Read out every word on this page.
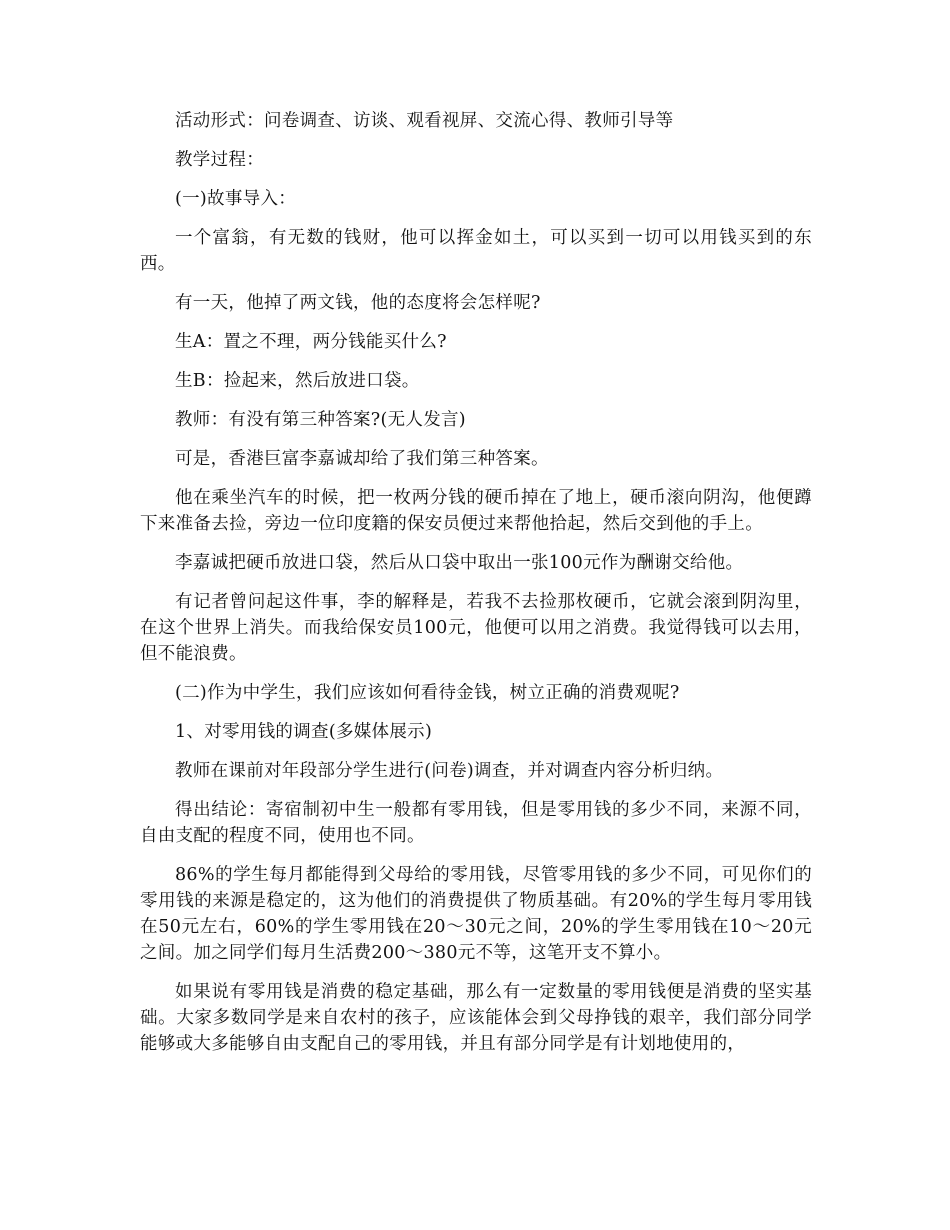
活动形式：问卷调查、访谈、观看视屏、交流心得、教师引导等

教学过程：

(一)故事导入：

一个富翁，有无数的钱财，他可以挥金如土，可以买到一切可以用钱买到的东西。

有一天，他掉了两文钱，他的态度将会怎样呢?

生A：置之不理，两分钱能买什么?

生B：捡起来，然后放进口袋。

教师：有没有第三种答案?(无人发言)

可是，香港巨富李嘉诚却给了我们第三种答案。

他在乘坐汽车的时候，把一枚两分钱的硬币掉在了地上，硬币滚向阴沟，他便蹲下来准备去捡，旁边一位印度籍的保安员便过来帮他拾起，然后交到他的手上。

李嘉诚把硬币放进口袋，然后从口袋中取出一张100元作为酬谢交给他。

有记者曾问起这件事，李的解释是，若我不去捡那枚硬币，它就会滚到阴沟里，在这个世界上消失。而我给保安员100元，他便可以用之消费。我觉得钱可以去用，但不能浪费。

(二)作为中学生，我们应该如何看待金钱，树立正确的消费观呢?

1、对零用钱的调查(多媒体展示)

教师在课前对年段部分学生进行(问卷)调查，并对调查内容分析归纳。

得出结论：寄宿制初中生一般都有零用钱，但是零用钱的多少不同，来源不同，自由支配的程度不同，使用也不同。

86%的学生每月都能得到父母给的零用钱，尽管零用钱的多少不同，可见你们的零用钱的来源是稳定的，这为他们的消费提供了物质基础。有20%的学生每月零用钱在50元左右，60%的学生零用钱在20～30元之间，20%的学生零用钱在10～20元之间。加之同学们每月生活费200～380元不等，这笔开支不算小。

如果说有零用钱是消费的稳定基础，那么有一定数量的零用钱便是消费的坚实基础。大家多数同学是来自农村的孩子，应该能体会到父母挣钱的艰辛，我们部分同学能够或大多能够自由支配自己的零用钱，并且有部分同学是有计划地使用的，
